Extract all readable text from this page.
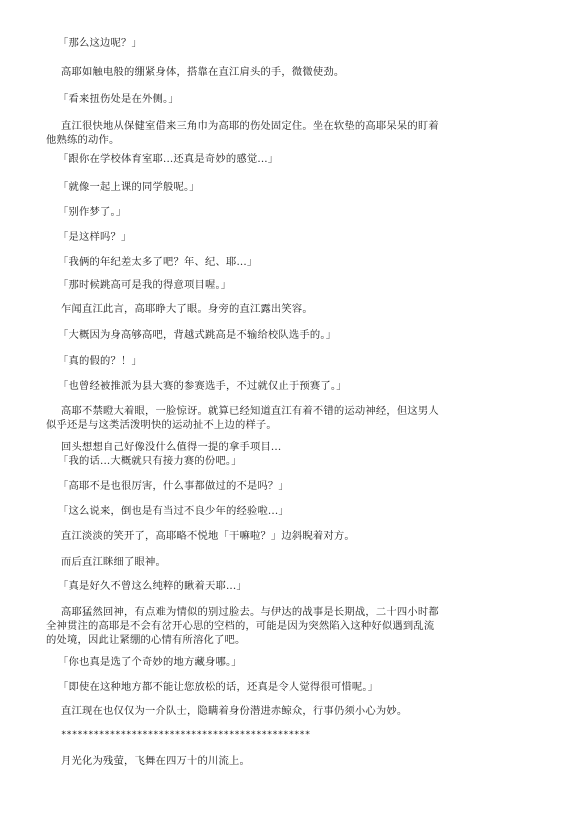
「那么这边呢？」
高耶如触电般的绷紧身体，搭靠在直江肩头的手，微微使劲。
「看来扭伤处是在外侧。」
直江很快地从保健室借来三角巾为高耶的伤处固定住。坐在软垫的高耶呆呆的盯着
他熟练的动作。
「跟你在学校体育室耶...还真是奇妙的感觉...」
「就像一起上课的同学般呢。」
「别作梦了。」
「是这样吗？」
「我俩的年纪差太多了吧？年、纪、耶...」
「那时候跳高可是我的得意项目喔。」
乍闻直江此言，高耶睁大了眼。身旁的直江露出笑容。
「大概因为身高够高吧，背越式跳高是不输给校队选手的。」
「真的假的？！」
「也曾经被推派为县大赛的参赛选手，不过就仅止于预赛了。」
高耶不禁瞪大着眼，一脸惊讶。就算已经知道直江有着不错的运动神经，但这男人
似乎还是与这类活泼明快的运动扯不上边的样子。
回头想想自己好像没什么值得一提的拿手项目...
「我的话...大概就只有接力赛的份吧。」
「高耶不是也很厉害，什么事都做过的不是吗？」
「这么说来，倒也是有当过不良少年的经验啦...」
直江淡淡的笑开了，高耶略不悦地「干嘛啦？」边斜睨着对方。
而后直江眯细了眼神。
「真是好久不曾这么纯粹的瞅着天耶...」
高耶猛然回神，有点难为情似的别过脸去。与伊达的战事是长期战，二十四小时都
全神贯注的高耶是不会有岔开心思的空档的，可能是因为突然陷入这种好似遇到乱流
的处境，因此让紧绷的心情有所溶化了吧。
「你也真是选了个奇妙的地方藏身哪。」
「即使在这种地方都不能让您放松的话，还真是令人觉得很可惜呢。」
直江现在也仅仅为一介队士，隐瞒着身份潜进赤鲸众，行事仍须小心为妙。
**********************************************
月光化为残萤，飞舞在四万十的川流上。
